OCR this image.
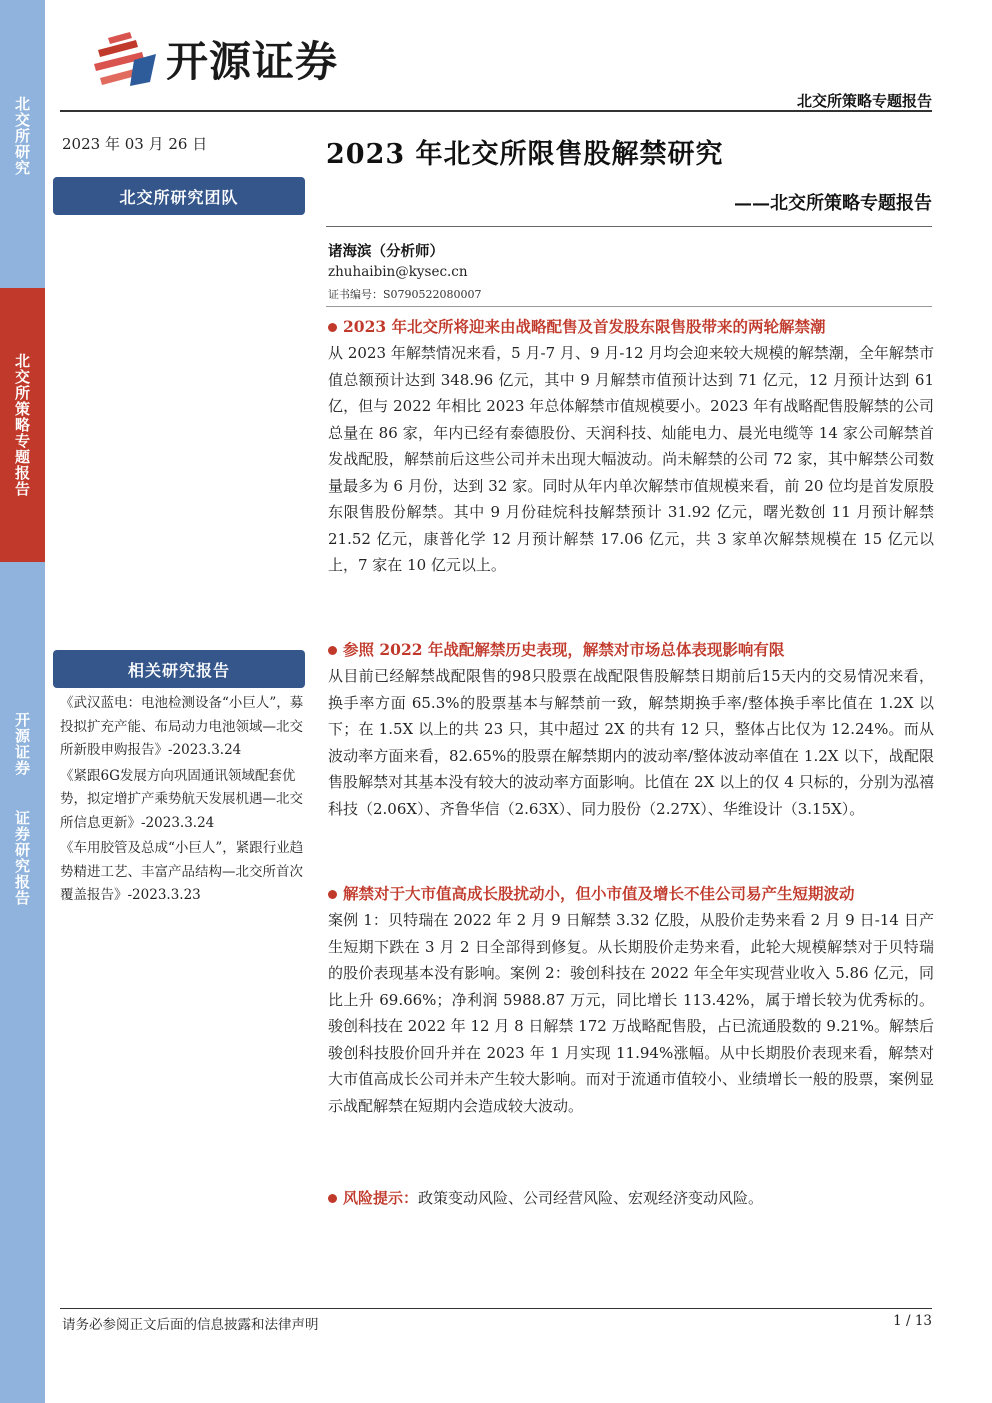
北交所研究
北交所策略专题报告
开源证券
证券研究报告
开源证券
北交所策略专题报告
2023 年 03 月 26 日
北交所研究团队
相关研究报告
《武汉蓝电：电池检测设备“小巨人”，募投拟扩充产能、布局动力电池领域—北交所新股申购报告》-2023.3.24
《紧跟6G发展方向巩固通讯领域配套优势，拟定增扩产乘势航天发展机遇—北交所信息更新》-2023.3.24
《车用胶管及总成“小巨人”，紧跟行业趋势精进工艺、丰富产品结构—北交所首次覆盖报告》-2023.3.23
2023 年北交所限售股解禁研究
——北交所策略专题报告
诸海滨（分析师）
zhuhaibin@kysec.cn
证书编号：S0790522080007
2023 年北交所将迎来由战略配售及首发股东限售股带来的两轮解禁潮
从 2023 年解禁情况来看，5 月-7 月、9 月-12 月均会迎来较大规模的解禁潮，全年解禁市值总额预计达到 348.96 亿元，其中 9 月解禁市值预计达到 71 亿元，12 月预计达到 61 亿，但与 2022 年相比 2023 年总体解禁市值规模要小。2023 年有战略配售股解禁的公司总量在 86 家，年内已经有泰德股份、天润科技、灿能电力、晨光电缆等 14 家公司解禁首发战配股，解禁前后这些公司并未出现大幅波动。尚未解禁的公司 72 家，其中解禁公司数量最多为 6 月份，达到 32 家。同时从年内单次解禁市值规模来看，前 20 位均是首发原股东限售股份解禁。其中 9 月份硅烷科技解禁预计 31.92 亿元，曙光数创 11 月预计解禁 21.52 亿元，康普化学 12 月预计解禁 17.06 亿元，共 3 家单次解禁规模在 15 亿元以上，7 家在 10 亿元以上。
参照 2022 年战配解禁历史表现，解禁对市场总体表现影响有限
从目前已经解禁战配限售的98只股票在战配限售股解禁日期前后15天内的交易情况来看，换手率方面 65.3%的股票基本与解禁前一致，解禁期换手率/整体换手率比值在 1.2X 以下；在 1.5X 以上的共 23 只，其中超过 2X 的共有 12 只，整体占比仅为 12.24%。而从波动率方面来看，82.65%的股票在解禁期内的波动率/整体波动率值在 1.2X 以下，战配限售股解禁对其基本没有较大的波动率方面影响。比值在 2X 以上的仅 4 只标的，分别为泓禧科技（2.06X）、齐鲁华信（2.63X）、同力股份（2.27X）、华维设计（3.15X）。
解禁对于大市值高成长股扰动小，但小市值及增长不佳公司易产生短期波动
案例 1：贝特瑞在 2022 年 2 月 9 日解禁 3.32 亿股，从股价走势来看 2 月 9 日-14 日产生短期下跌在 3 月 2 日全部得到修复。从长期股价走势来看，此轮大规模解禁对于贝特瑞的股价表现基本没有影响。案例 2：骏创科技在 2022 年全年实现营业收入 5.86 亿元，同比上升 69.66%；净利润 5988.87 万元，同比增长 113.42%，属于增长较为优秀标的。骏创科技在 2022 年 12 月 8 日解禁 172 万战略配售股，占已流通股数的 9.21%。解禁后骏创科技股价回升并在 2023 年 1 月实现 11.94%涨幅。从中长期股价表现来看，解禁对大市值高成长公司并未产生较大影响。而对于流通市值较小、业绩增长一般的股票，案例显示战配解禁在短期内会造成较大波动。
风险提示： 政策变动风险、公司经营风险、宏观经济变动风险。
请务必参阅正文后面的信息披露和法律声明	1 / 13
